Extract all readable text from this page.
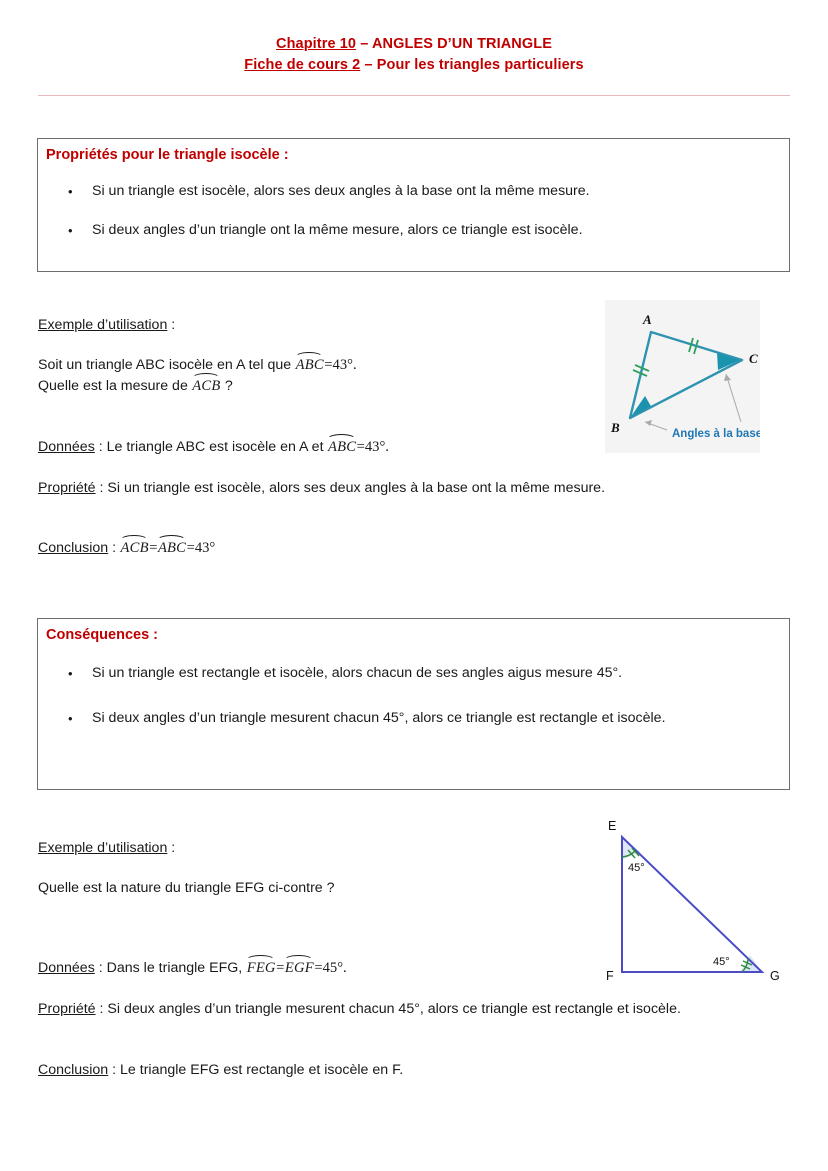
Chapitre 10 – ANGLES D’UN TRIANGLE
Fiche de cours 2 – Pour les triangles particuliers
Propriétés pour le triangle isocèle :
•	Si un triangle est isocèle, alors ses deux angles à la base ont la même mesure.
•	Si deux angles d’un triangle ont la même mesure, alors ce triangle est isocèle.
Exemple d’utilisation :
Soit un triangle ABC isocèle en A tel que ABC=43°.
Quelle est la mesure de ACB ?
Données : Le triangle ABC est isocèle en A et ABC=43°.
Propriété : Si un triangle est isocèle, alors ses deux angles à la base ont la même mesure.
Conclusion : ACB=ABC=43°
A
B
C
Angles à la base
Conséquences :
•	Si un triangle est rectangle et isocèle, alors chacun de ses angles aigus mesure 45°.
•	Si deux angles d’un triangle mesurent chacun 45°, alors ce triangle est rectangle et isocèle.
Exemple d’utilisation :
Quelle est la nature du triangle EFG ci-contre ?
Données : Dans le triangle EFG, FEG=EGF=45°.
Propriété : Si deux angles d’un triangle mesurent chacun 45°, alors ce triangle est rectangle et isocèle.
Conclusion : Le triangle EFG est rectangle et isocèle en F.
E
F	G
45°
45°
